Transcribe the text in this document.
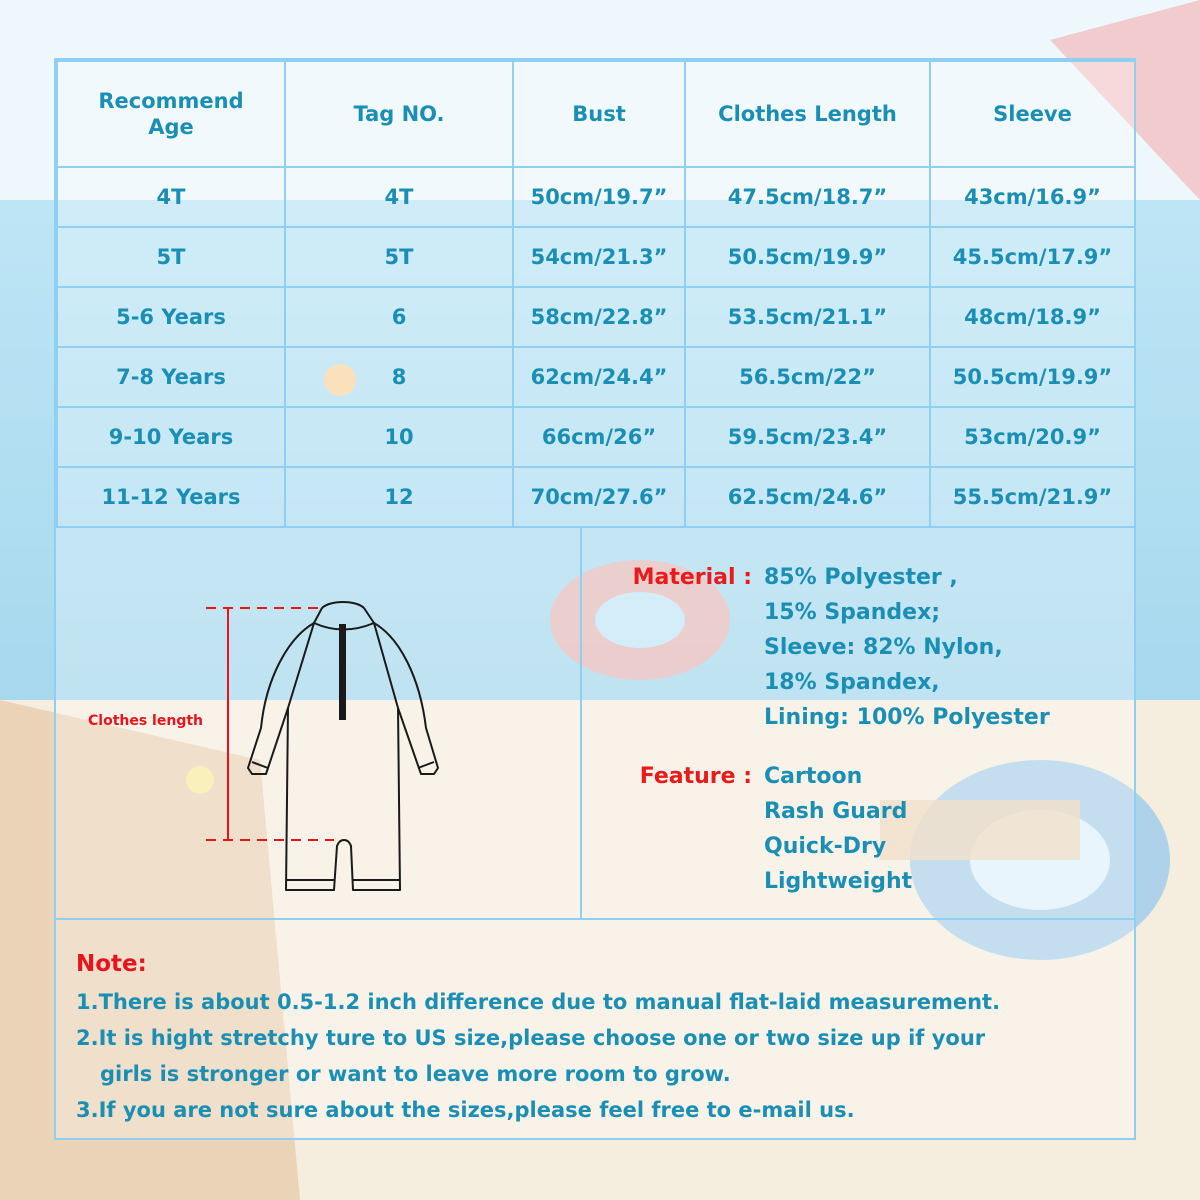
Recommend Age	Tag NO.	Bust	Clothes Length	Sleeve
4T	4T	50cm/19.7”	47.5cm/18.7”	43cm/16.9”
5T	5T	54cm/21.3”	50.5cm/19.9”	45.5cm/17.9”
5-6 Years	6	58cm/22.8”	53.5cm/21.1”	48cm/18.9”
7-8 Years	8	62cm/24.4”	56.5cm/22”	50.5cm/19.9”
9-10 Years	10	66cm/26”	59.5cm/23.4”	53cm/20.9”
11-12 Years	12	70cm/27.6”	62.5cm/24.6”	55.5cm/21.9”
Clothes length
Material : 85% Polyester ,
15% Spandex;
Sleeve: 82% Nylon,
18% Spandex,
Lining: 100% Polyester
Feature : Cartoon
Rash Guard
Quick-Dry
Lightweight
Note:
1.There is about 0.5-1.2 inch difference due to manual flat-laid measurement.
2.It is hight stretchy ture to US size,please choose one or two size up if your
girls is stronger or want to leave more room to grow.
3.If you are not sure about the sizes,please feel free to e-mail us.
